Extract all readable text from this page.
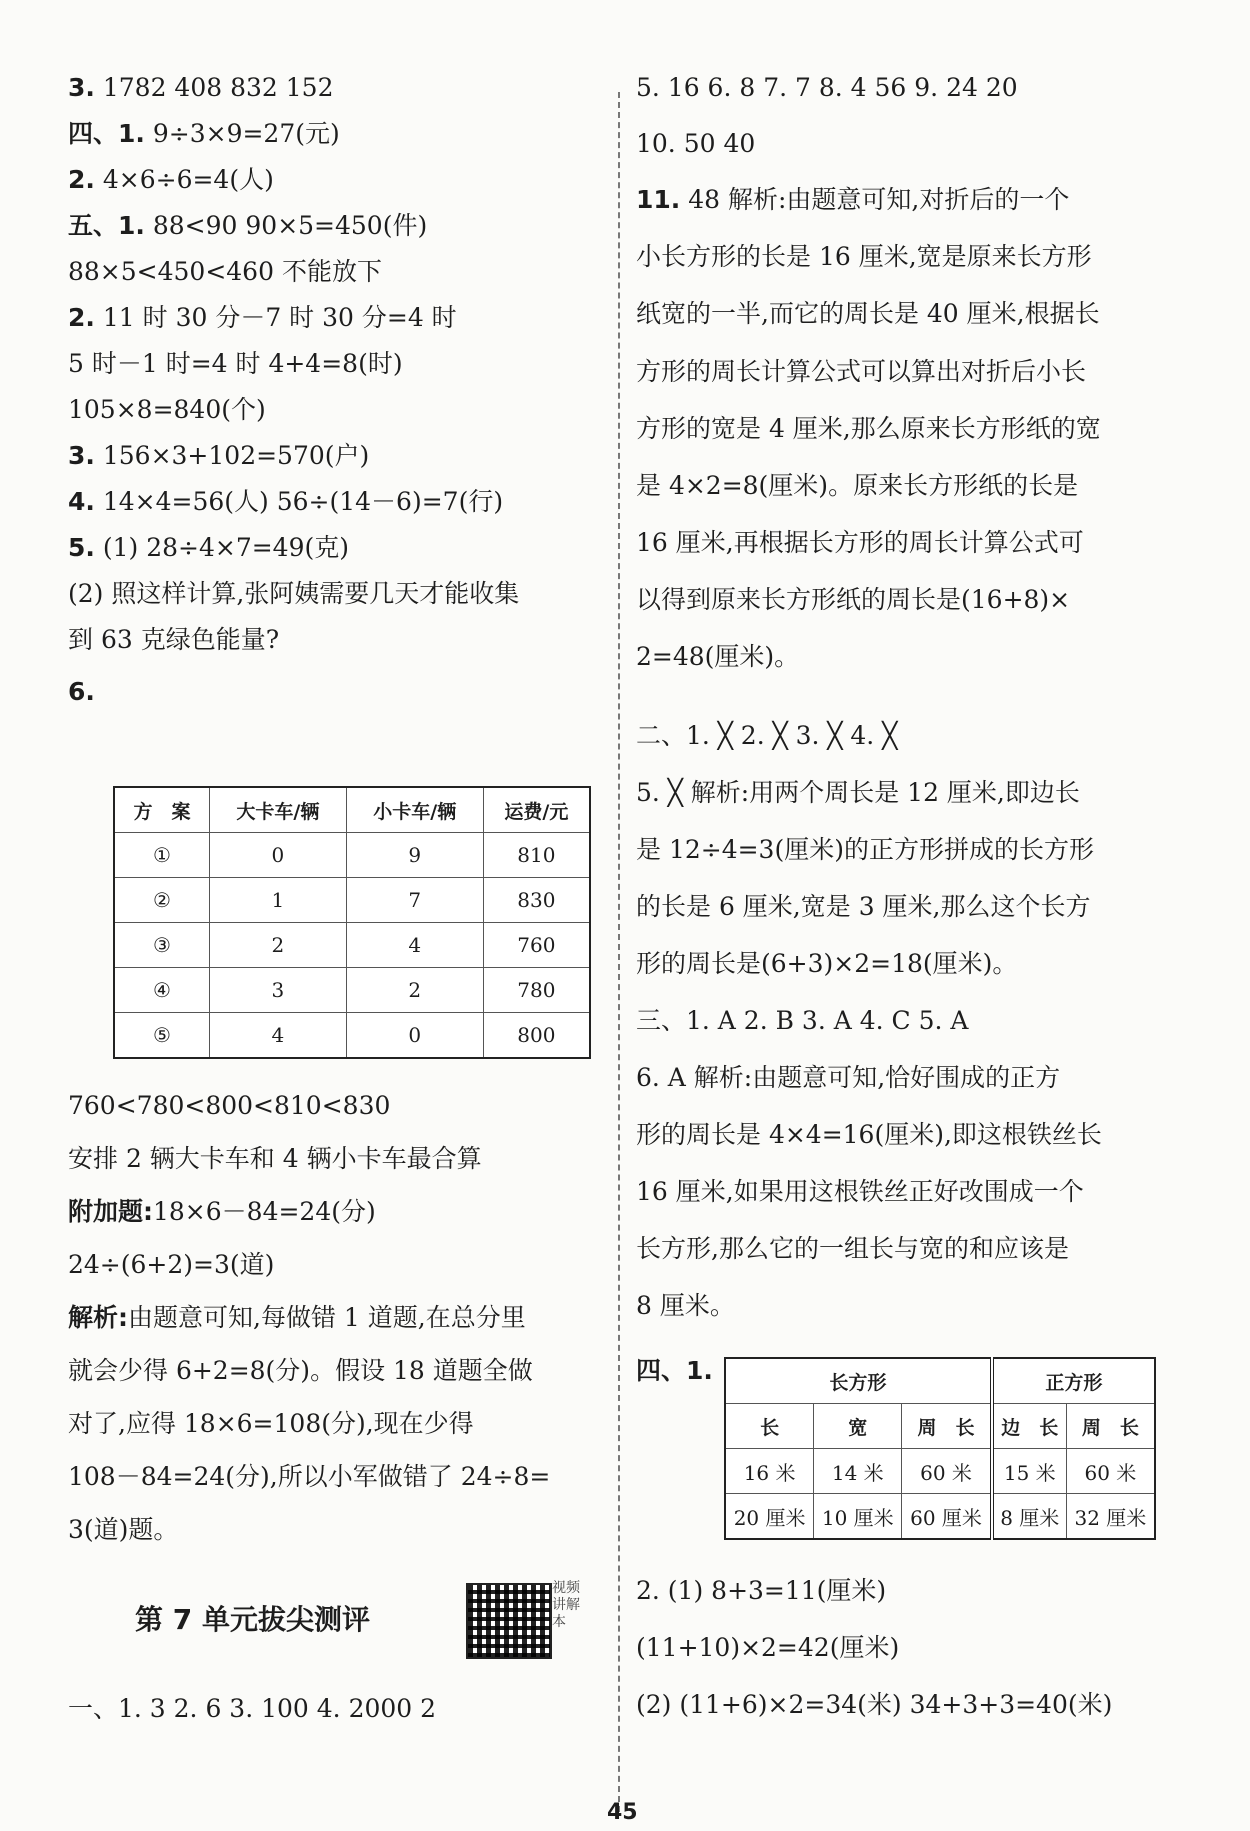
3. 1782 408 832 152
四、1. 9÷3×9=27(元)
2. 4×6÷6=4(人)
五、1. 88<90 90×5=450(件)
88×5<450<460 不能放下
2. 11 时 30 分－7 时 30 分=4 时
5 时－1 时=4 时 4+4=8(时)
105×8=840(个)
3. 156×3+102=570(户)
4. 14×4=56(人) 56÷(14－6)=7(行)
5. (1) 28÷4×7=49(克)
(2) 照这样计算,张阿姨需要几天才能收集
到 63 克绿色能量?
6.
方　案	大卡车/辆	小卡车/辆	运费/元
①	0	9	810
②	1	7	830
③	2	4	760
④	3	2	780
⑤	4	0	800
760<780<800<810<830
安排 2 辆大卡车和 4 辆小卡车最合算
附加题:18×6－84=24(分)
24÷(6+2)=3(道)
解析:由题意可知,每做错 1 道题,在总分里
就会少得 6+2=8(分)。假设 18 道题全做
对了,应得 18×6=108(分),现在少得
108－84=24(分),所以小军做错了 24÷8=
3(道)题。
第 7 单元拔尖测评
视频讲解本
一、1. 3 2. 6 3. 100 4. 2000 2
5. 16 6. 8 7. 7 8. 4 56 9. 24 20
10. 50 40
11. 48 解析:由题意可知,对折后的一个
小长方形的长是 16 厘米,宽是原来长方形
纸宽的一半,而它的周长是 40 厘米,根据长
方形的周长计算公式可以算出对折后小长
方形的宽是 4 厘米,那么原来长方形纸的宽
是 4×2=8(厘米)。原来长方形纸的长是
16 厘米,再根据长方形的周长计算公式可
以得到原来长方形纸的周长是(16+8)×
2=48(厘米)。
二、1. ╳ 2. ╳ 3. ╳ 4. ╳
5. ╳ 解析:用两个周长是 12 厘米,即边长
是 12÷4=3(厘米)的正方形拼成的长方形
的长是 6 厘米,宽是 3 厘米,那么这个长方
形的周长是(6+3)×2=18(厘米)。
三、1. A 2. B 3. A 4. C 5. A
6. A 解析:由题意可知,恰好围成的正方
形的周长是 4×4=16(厘米),即这根铁丝长
16 厘米,如果用这根铁丝正好改围成一个
长方形,那么它的一组长与宽的和应该是
8 厘米。
四、1.	长方形			正方形	
长	宽	周　长	边　长	周　长
16 米	14 米	60 米	15 米	60 米
20 厘米	10 厘米	60 厘米	8 厘米	32 厘米
2. (1) 8+3=11(厘米)
(11+10)×2=42(厘米)
(2) (11+6)×2=34(米) 34+3+3=40(米)
45
